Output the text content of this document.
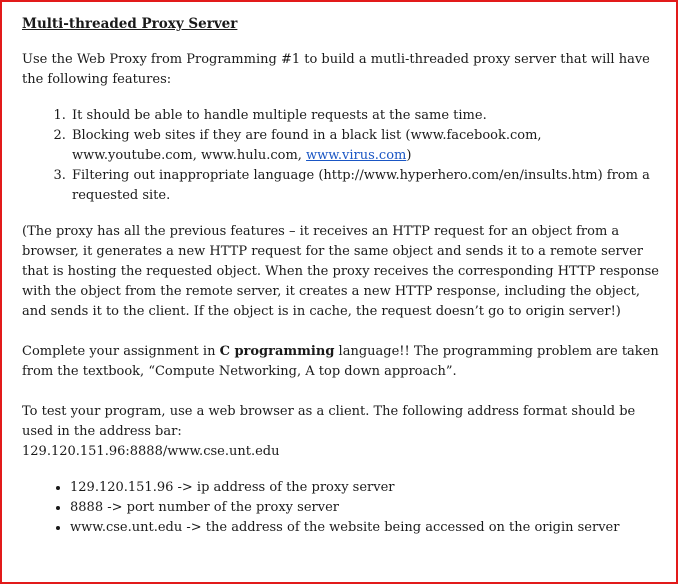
Multi-threaded Proxy Server

Use the Web Proxy from Programming #1 to build a mutli-threaded proxy server that will have the following features:

1. It should be able to handle multiple requests at the same time.
2. Blocking web sites if they are found in a black list (www.facebook.com, www.youtube.com, www.hulu.com, www.virus.com)
3. Filtering out inappropriate language (http://www.hyperhero.com/en/insults.htm) from a requested site.

(The proxy has all the previous features – it receives an HTTP request for an object from a browser, it generates a new HTTP request for the same object and sends it to a remote server that is hosting the requested object. When the proxy receives the corresponding HTTP response with the object from the remote server, it creates a new HTTP response, including the object, and sends it to the client. If the object is in cache, the request doesn’t go to origin server!)

Complete your assignment in C programming language!! The programming problem are taken from the textbook, “Compute Networking, A top down approach”.

To test your program, use a web browser as a client. The following address format should be used in the address bar:

129.120.151.96:8888/www.cse.unt.edu

• 129.120.151.96 -> ip address of the proxy server
• 8888 -> port number of the proxy server
• www.cse.unt.edu -> the address of the website being accessed on the origin server
